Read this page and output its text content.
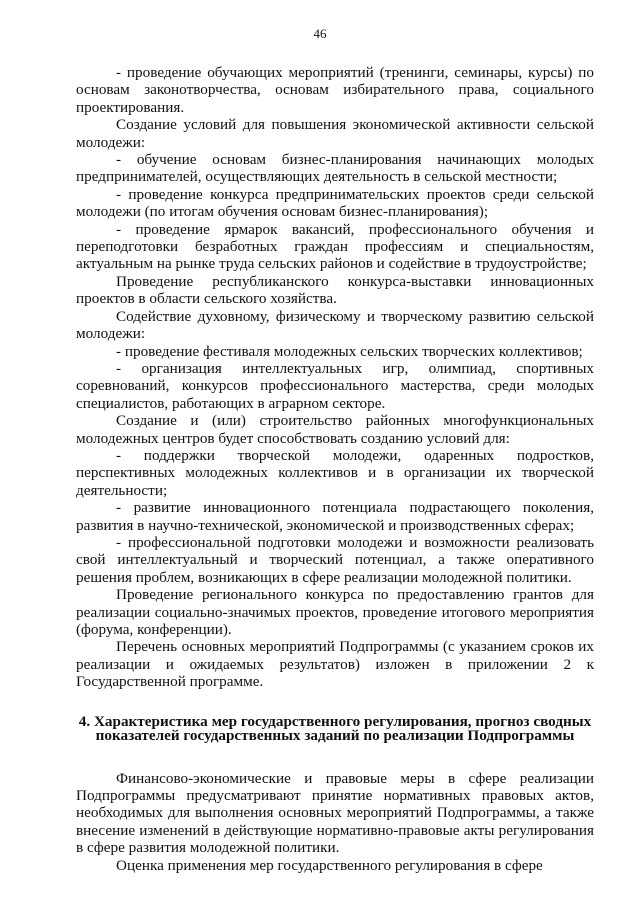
46

- проведение обучающих мероприятий (тренинги, семинары, курсы) по основам законотворчества, основам избирательного права, социального проектирования.

Создание условий для повышения экономической активности сельской молодежи:

- обучение основам бизнес-планирования начинающих молодых предпринимателей, осуществляющих деятельность в сельской местности;

- проведение конкурса предпринимательских проектов среди сельской молодежи (по итогам обучения основам бизнес-планирования);

- проведение ярмарок вакансий, профессионального обучения и переподготовки безработных граждан профессиям и специальностям, актуальным на рынке труда сельских районов и содействие в трудоустройстве;

Проведение республиканского конкурса-выставки инновационных проектов в области сельского хозяйства.

Содействие духовному, физическому и творческому развитию сельской молодежи:

- проведение фестиваля молодежных сельских творческих коллективов;

- организация интеллектуальных игр, олимпиад, спортивных соревнований, конкурсов профессионального мастерства, среди молодых специалистов, работающих в аграрном секторе.

Создание и (или) строительство районных многофункциональных молодежных центров будет способствовать созданию условий для:

- поддержки творческой молодежи, одаренных подростков, перспективных молодежных коллективов и в организации их творческой деятельности;

- развитие инновационного потенциала подрастающего поколения, развития в научно-технической, экономической и производственных сферах;

- профессиональной подготовки молодежи и возможности реализовать свой интеллектуальный и творческий потенциал, а также оперативного решения проблем, возникающих в сфере реализации молодежной политики.

Проведение регионального конкурса по предоставлению грантов для реализации социально-значимых проектов, проведение итогового мероприятия (форума, конференции).

Перечень основных мероприятий Подпрограммы (с указанием сроков их реализации и ожидаемых результатов) изложен в приложении 2 к Государственной программе.

4. Характеристика мер государственного регулирования, прогноз сводных показателей государственных заданий по реализации Подпрограммы

Финансово-экономические и правовые меры в сфере реализации Подпрограммы предусматривают принятие нормативных правовых актов, необходимых для выполнения основных мероприятий Подпрограммы, а также внесение изменений в действующие нормативно-правовые акты регулирования в сфере развития молодежной политики.

Оценка применения мер государственного регулирования в сфере
